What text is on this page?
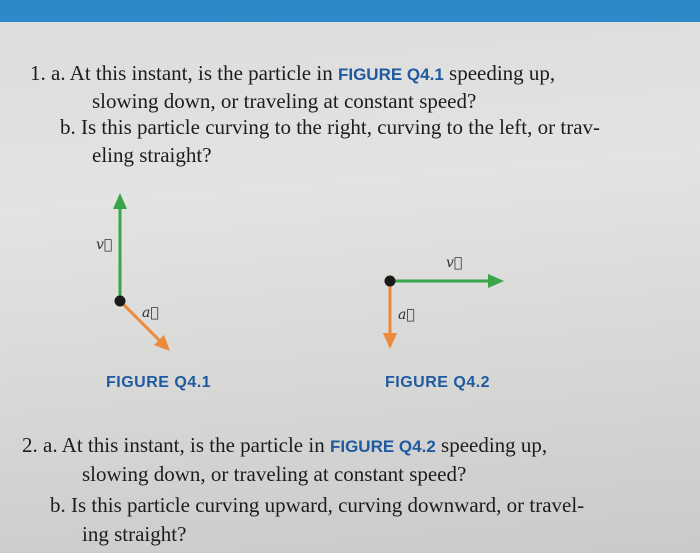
1. a. At this instant, is the particle in FIGURE Q4.1 speeding up,
slowing down, or traveling at constant speed?
b. Is this particle curving to the right, curving to the left, or trav-
eling straight?
v⃗
a⃗
FIGURE Q4.1
v⃗
a⃗
FIGURE Q4.2
2. a. At this instant, is the particle in FIGURE Q4.2 speeding up,
slowing down, or traveling at constant speed?
b. Is this particle curving upward, curving downward, or travel-
ing straight?
